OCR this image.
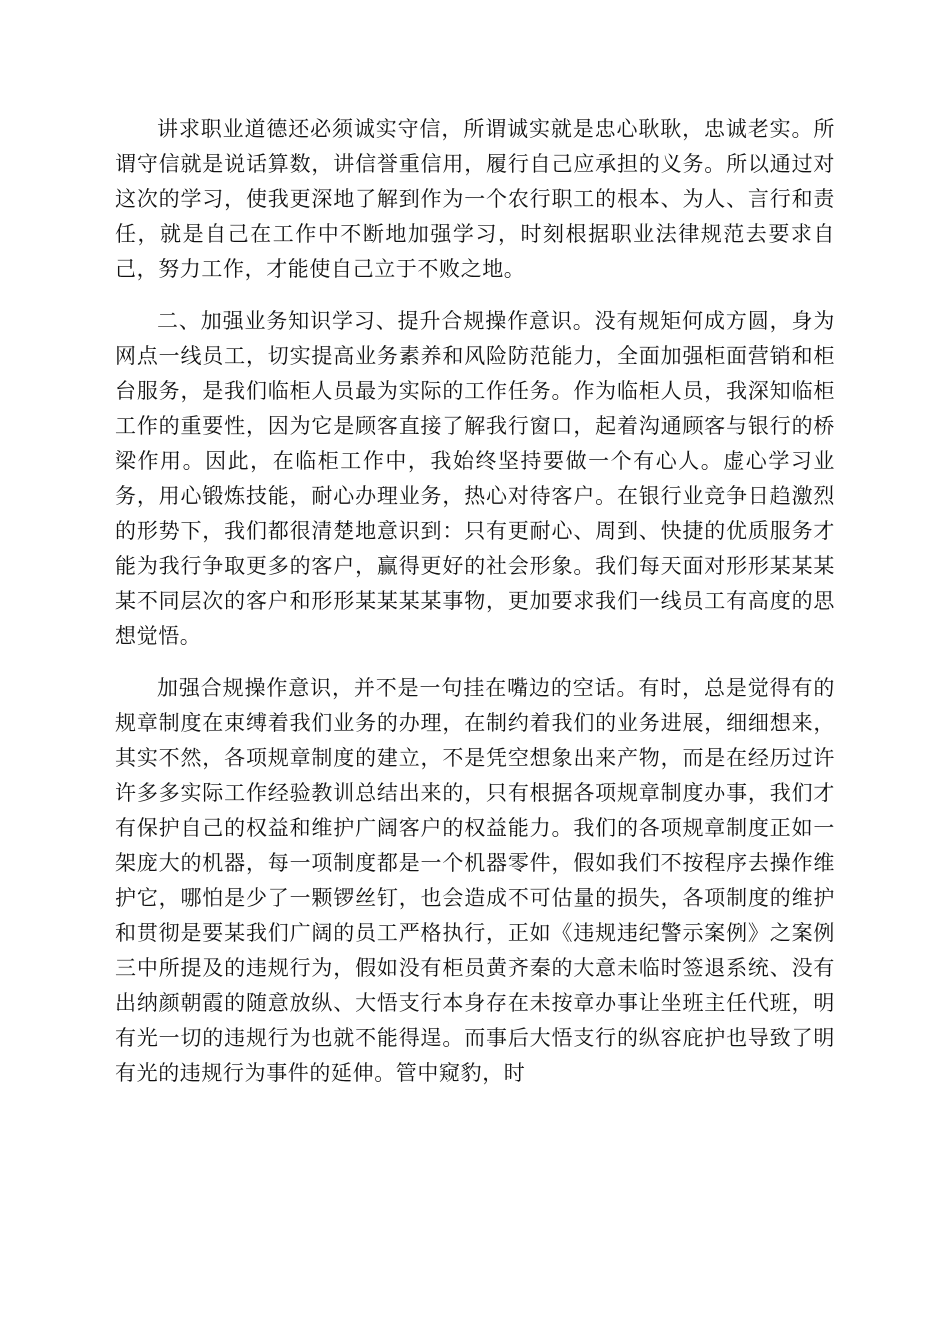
讲求职业道德还必须诚实守信，所谓诚实就是忠心耿耿，忠诚老实。所谓守信就是说话算数，讲信誉重信用，履行自己应承担的义务。所以通过对这次的学习，使我更深地了解到作为一个农行职工的根本、为人、言行和责任，就是自己在工作中不断地加强学习，时刻根据职业法律规范去要求自己，努力工作，才能使自己立于不败之地。

二、加强业务知识学习、提升合规操作意识。没有规矩何成方圆，身为网点一线员工，切实提高业务素养和风险防范能力，全面加强柜面营销和柜台服务，是我们临柜人员最为实际的工作任务。作为临柜人员，我深知临柜工作的重要性，因为它是顾客直接了解我行窗口，起着沟通顾客与银行的桥梁作用。因此，在临柜工作中，我始终坚持要做一个有心人。虚心学习业务，用心锻炼技能，耐心办理业务，热心对待客户。在银行业竞争日趋激烈的形势下，我们都很清楚地意识到：只有更耐心、周到、快捷的优质服务才能为我行争取更多的客户，赢得更好的社会形象。我们每天面对形形某某某某不同层次的客户和形形某某某某事物，更加要求我们一线员工有高度的思想觉悟。

加强合规操作意识，并不是一句挂在嘴边的空话。有时，总是觉得有的规章制度在束缚着我们业务的办理，在制约着我们的业务进展，细细想来，其实不然，各项规章制度的建立，不是凭空想象出来产物，而是在经历过许许多多实际工作经验教训总结出来的，只有根据各项规章制度办事，我们才有保护自己的权益和维护广阔客户的权益能力。我们的各项规章制度正如一架庞大的机器，每一项制度都是一个机器零件，假如我们不按程序去操作维护它，哪怕是少了一颗锣丝钉，也会造成不可估量的损失，各项制度的维护和贯彻是要某我们广阔的员工严格执行，正如《违规违纪警示案例》之案例三中所提及的违规行为，假如没有柜员黄齐秦的大意未临时签退系统、没有出纳颜朝霞的随意放纵、大悟支行本身存在未按章办事让坐班主任代班，明有光一切的违规行为也就不能得逞。而事后大悟支行的纵容庇护也导致了明有光的违规行为事件的延伸。管中窥豹，时
